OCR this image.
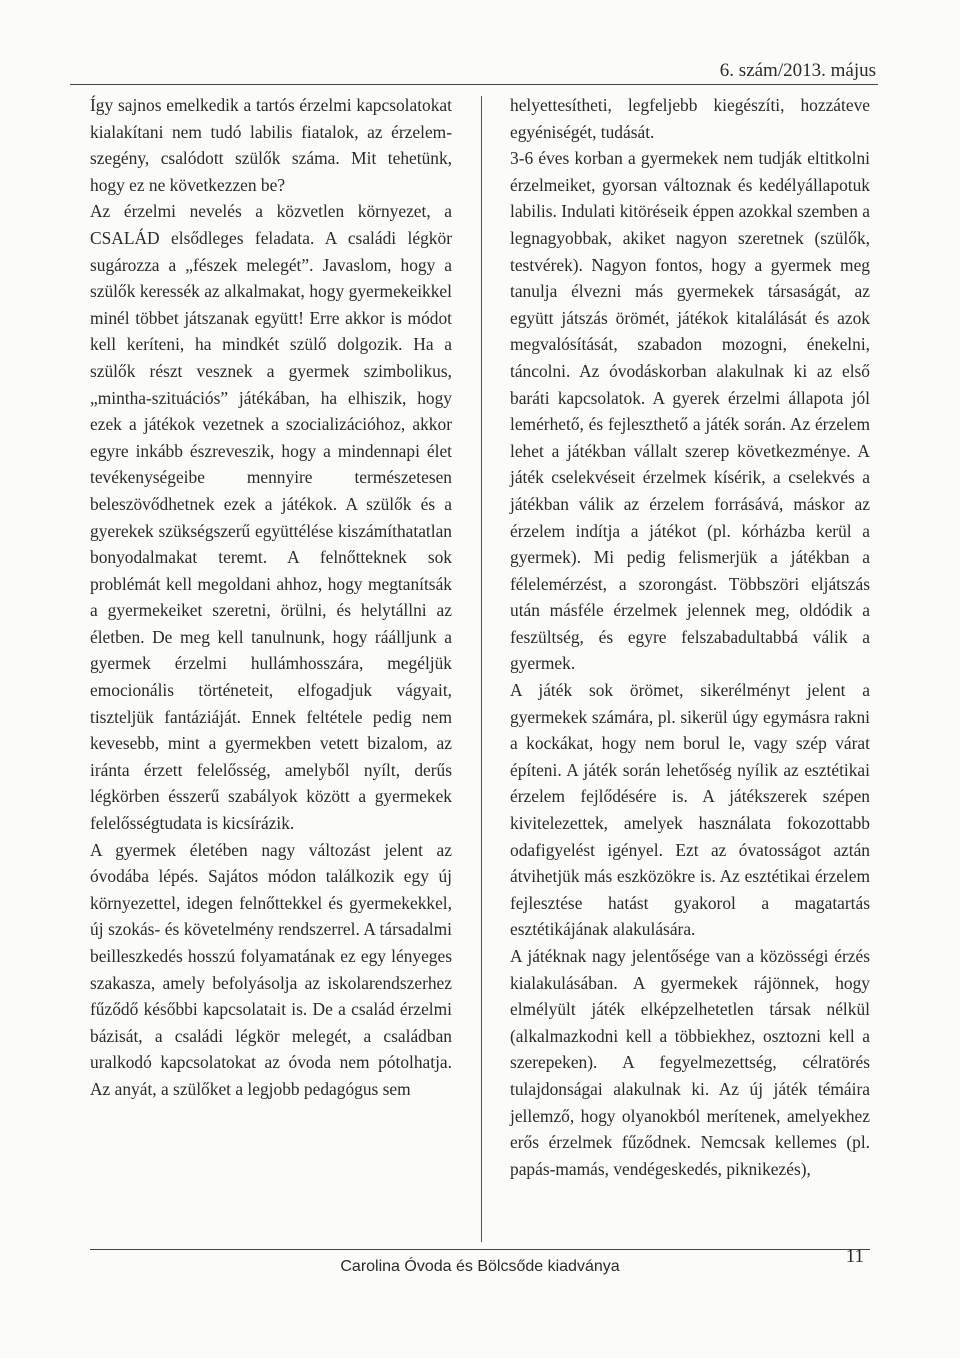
6. szám/2013. május

Így sajnos emelkedik a tartós érzelmi kapcsolatokat kialakítani nem tudó labilis fiatalok, az érzelem-szegény, csalódott szülők száma. Mit tehetünk, hogy ez ne következzen be?

Az érzelmi nevelés a közvetlen környezet, a CSALÁD elsődleges feladata. A családi légkör sugározza a „fészek melegét”. Javaslom, hogy a szülők keressék az alkalmakat, hogy gyermekeikkel minél többet játszanak együtt! Erre akkor is módot kell keríteni, ha mindkét szülő dolgozik. Ha a szülők részt vesznek a gyermek szimbolikus, „mintha-szituációs” játékában, ha elhiszik, hogy ezek a játékok vezetnek a szocializációhoz, akkor egyre inkább észreveszik, hogy a mindennapi élet tevékenységeibe mennyire természetesen beleszövődhetnek ezek a játékok. A szülők és a gyerekek szükségszerű együttélése kiszámíthatatlan bonyodalmakat teremt. A felnőtteknek sok problémát kell megoldani ahhoz, hogy megtanítsák a gyermekeiket szeretni, örülni, és helytállni az életben. De meg kell tanulnunk, hogy ráálljunk a gyermek érzelmi hullámhosszára, megéljük emocionális történeteit, elfogadjuk vágyait, tiszteljük fantáziáját. Ennek feltétele pedig nem kevesebb, mint a gyermekben vetett bizalom, az iránta érzett felelősség, amelyből nyílt, derűs légkörben ésszerű szabályok között a gyermekek felelősségtudata is kicsírázik.

A gyermek életében nagy változást jelent az óvodába lépés. Sajátos módon találkozik egy új környezettel, idegen felnőttekkel és gyermekekkel, új szokás- és követelmény rendszerrel. A társadalmi beilleszkedés hosszú folyamatának ez egy lényeges szakasza, amely befolyásolja az iskolarendszerhez fűződő későbbi kapcsolatait is. De a család érzelmi bázisát, a családi légkör melegét, a családban uralkodó kapcsolatokat az óvoda nem pótolhatja. Az anyát, a szülőket a legjobb pedagógus sem

helyettesítheti, legfeljebb kiegészíti, hozzáteve egyéniségét, tudását.

3-6 éves korban a gyermekek nem tudják eltitkolni érzelmeiket, gyorsan változnak és kedélyállapotuk labilis. Indulati kitöréseik éppen azokkal szemben a legnagyobbak, akiket nagyon szeretnek (szülők, testvérek). Nagyon fontos, hogy a gyermek meg tanulja élvezni más gyermekek társaságát, az együtt játszás örömét, játékok kitalálását és azok megvalósítását, szabadon mozogni, énekelni, táncolni. Az óvodáskorban alakulnak ki az első baráti kapcsolatok. A gyerek érzelmi állapota jól lemérhető, és fejleszthető a játék során. Az érzelem lehet a játékban vállalt szerep következménye. A játék cselekvéseit érzelmek kísérik, a cselekvés a játékban válik az érzelem forrásává, máskor az érzelem indítja a játékot (pl. kórházba kerül a gyermek). Mi pedig felismerjük a játékban a félelemérzést, a szorongást. Többszöri eljátszás után másféle érzelmek jelennek meg, oldódik a feszültség, és egyre felszabadultabbá válik a gyermek.

A játék sok örömet, sikerélményt jelent a gyermekek számára, pl. sikerül úgy egymásra rakni a kockákat, hogy nem borul le, vagy szép várat építeni. A játék során lehetőség nyílik az esztétikai érzelem fejlődésére is. A játékszerek szépen kivitelezettek, amelyek használata fokozottabb odafigyelést igényel. Ezt az óvatosságot aztán átvihetjük más eszközökre is. Az esztétikai érzelem fejlesztése hatást gyakorol a magatartás esztétikájának alakulására.

A játéknak nagy jelentősége van a közösségi érzés kialakulásában. A gyermekek rájönnek, hogy elmélyült játék elképzelhetetlen társak nélkül (alkalmazkodni kell a többiekhez, osztozni kell a szerepeken). A fegyelmezettség, célratörés tulajdonságai alakulnak ki. Az új játék témáira jellemző, hogy olyanokból merítenek, amelyekhez erős érzelmek fűződnek. Nemcsak kellemes (pl. papás-mamás, vendégeskedés, piknikezés),

Carolina Óvoda és Bölcsőde kiadványa	11
